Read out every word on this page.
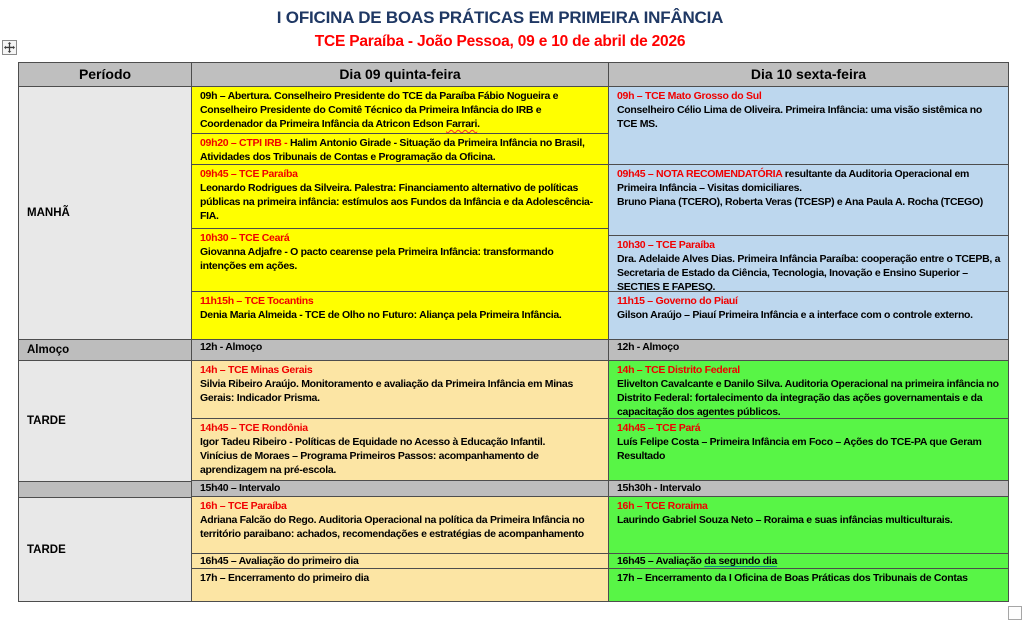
I OFICINA DE BOAS PRÁTICAS EM PRIMEIRA INFÂNCIA
TCE Paraíba - João Pessoa, 09 e 10 de abril de 2026
Período
MANHÃ
Almoço
TARDE
TARDE
Dia 09 quinta-feira
09h – Abertura. Conselheiro Presidente do TCE da Paraíba Fábio Nogueira e Conselheiro Presidente do Comitê Técnico da Primeira Infância do IRB e Coordenador da Primeira Infância da Atricon Edson Farrari.
09h20 – CTPI IRB - Halim Antonio Girade - Situação da Primeira Infância no Brasil, Atividades dos Tribunais de Contas e Programação da Oficina.
09h45 – TCE Paraíba
Leonardo Rodrigues da Silveira. Palestra: Financiamento alternativo de políticas públicas na primeira infância: estímulos aos Fundos da Infância e da Adolescência-FIA.
10h30 – TCE Ceará
Giovanna Adjafre - O pacto cearense pela Primeira Infância: transformando intenções em ações.
11h15h – TCE Tocantins
Denia Maria Almeida - TCE de Olho no Futuro: Aliança pela Primeira Infância.
12h - Almoço
14h – TCE Minas Gerais
Silvia Ribeiro Araújo. Monitoramento e avaliação da Primeira Infância em Minas Gerais: Indicador Prisma.
14h45 – TCE Rondônia
Igor Tadeu Ribeiro - Políticas de Equidade no Acesso à Educação Infantil.
Vinícius de Moraes – Programa Primeiros Passos: acompanhamento de aprendizagem na pré-escola.
15h40 – Intervalo
16h – TCE Paraíba
Adriana Falcão do Rego. Auditoria Operacional na política da Primeira Infância no território paraibano: achados, recomendações e estratégias de acompanhamento
16h45 – Avaliação do primeiro dia
17h – Encerramento do primeiro dia
Dia 10 sexta-feira
09h – TCE Mato Grosso do Sul
Conselheiro Célio Lima de Oliveira. Primeira Infância: uma visão sistêmica no TCE MS.
09h45 – NOTA RECOMENDATÓRIA resultante da Auditoria Operacional em Primeira Infância – Visitas domiciliares.
Bruno Piana (TCERO), Roberta Veras (TCESP) e Ana Paula A. Rocha (TCEGO)
10h30 – TCE Paraíba
Dra. Adelaide Alves Dias. Primeira Infância Paraíba: cooperação entre o TCEPB, a Secretaria de Estado da Ciência, Tecnologia, Inovação e Ensino Superior – SECTIES E FAPESQ.
11h15 – Governo do Piauí
Gilson Araújo – Piauí Primeira Infância e a interface com o controle externo.
12h - Almoço
14h – TCE Distrito Federal
Elivelton Cavalcante e Danilo Silva. Auditoria Operacional na primeira infância no Distrito Federal: fortalecimento da integração das ações governamentais e da capacitação dos agentes públicos.
14h45 – TCE Pará
Luís Felipe Costa – Primeira Infância em Foco – Ações do TCE-PA que Geram Resultado
15h30h - Intervalo
16h – TCE Roraima
Laurindo Gabriel Souza Neto – Roraima e suas infâncias multiculturais.
16h45 – Avaliação da segundo dia
17h – Encerramento da I Oficina de Boas Práticas dos Tribunais de Contas
